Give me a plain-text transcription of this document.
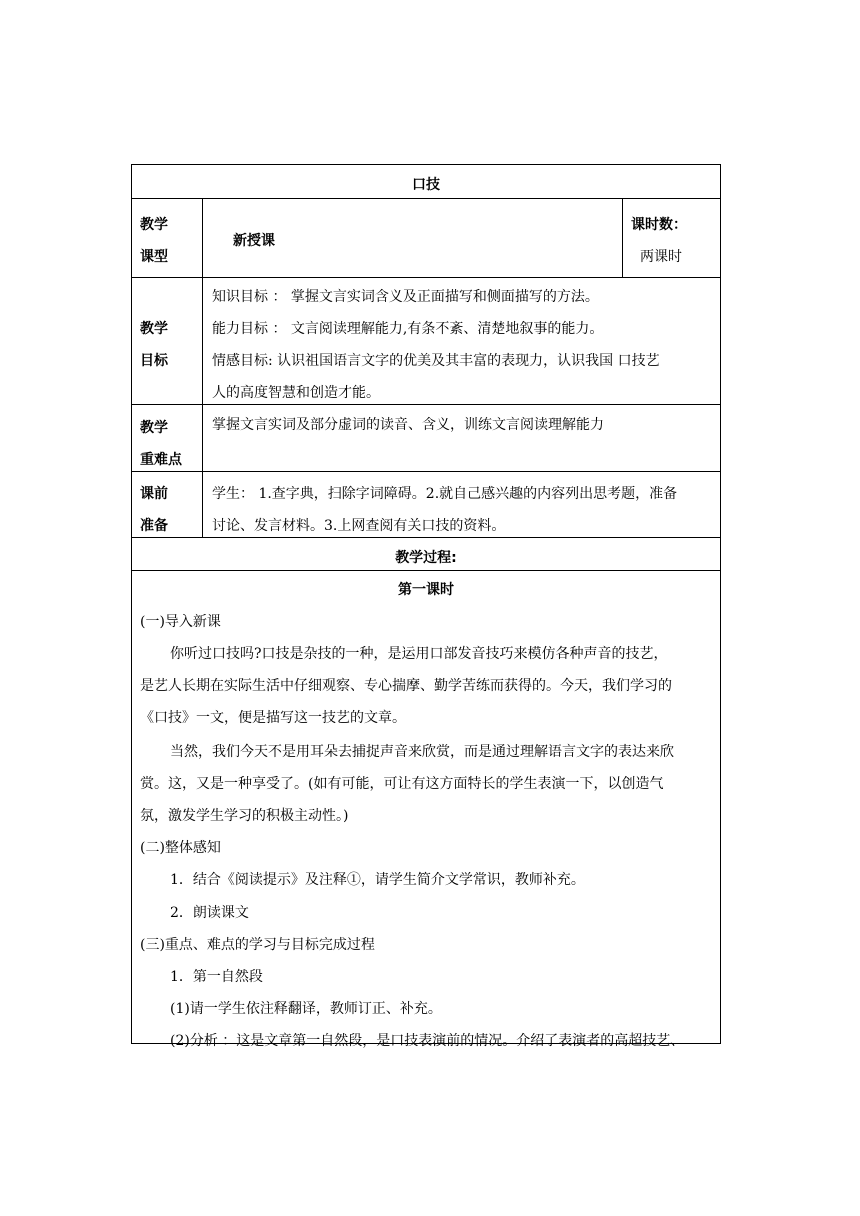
口技
教学
课型
新授课
课时数：
两课时
教学
目标
知识目标 ： 掌握文言实词含义及正面描写和侧面描写的方法。
能力目标 ： 文言阅读理解能力,有条不紊、清楚地叙事的能力。
情感目标: 认识祖国语言文字的优美及其丰富的表现力，认识我国 口技艺
人的高度智慧和创造才能。
教学
重难点
掌握文言实词及部分虚词的读音、含义，训练文言阅读理解能力
课前
准备
学生： 1.查字典，扫除字词障碍。2.就自己感兴趣的内容列出思考题，准备
讨论、发言材料。3.上网查阅有关口技的资料。
教学过程:
第一课时
(一)导入新课
你听过口技吗?口技是杂技的一种，是运用口部发音技巧来模仿各种声音的技艺，
是艺人长期在实际生活中仔细观察、专心揣摩、勤学苦练而获得的。今天，我们学习的
《口技》一文，便是描写这一技艺的文章。
当然，我们今天不是用耳朵去捕捉声音来欣赏，而是通过理解语言文字的表达来欣
赏。这，又是一种享受了。(如有可能，可让有这方面特长的学生表演一下，以创造气
氛，激发学生学习的积极主动性。)
(二)整体感知
1．结合《阅读提示》及注释①，请学生简介文学常识，教师补充。
2．朗读课文
(三)重点、难点的学习与目标完成过程
1．第一自然段
(1)请一学生依注释翻译，教师订正、补充。
(2)分析 ：这是文章第一自然段，是口技表演前的情况。介绍了表演者的高超技艺、
